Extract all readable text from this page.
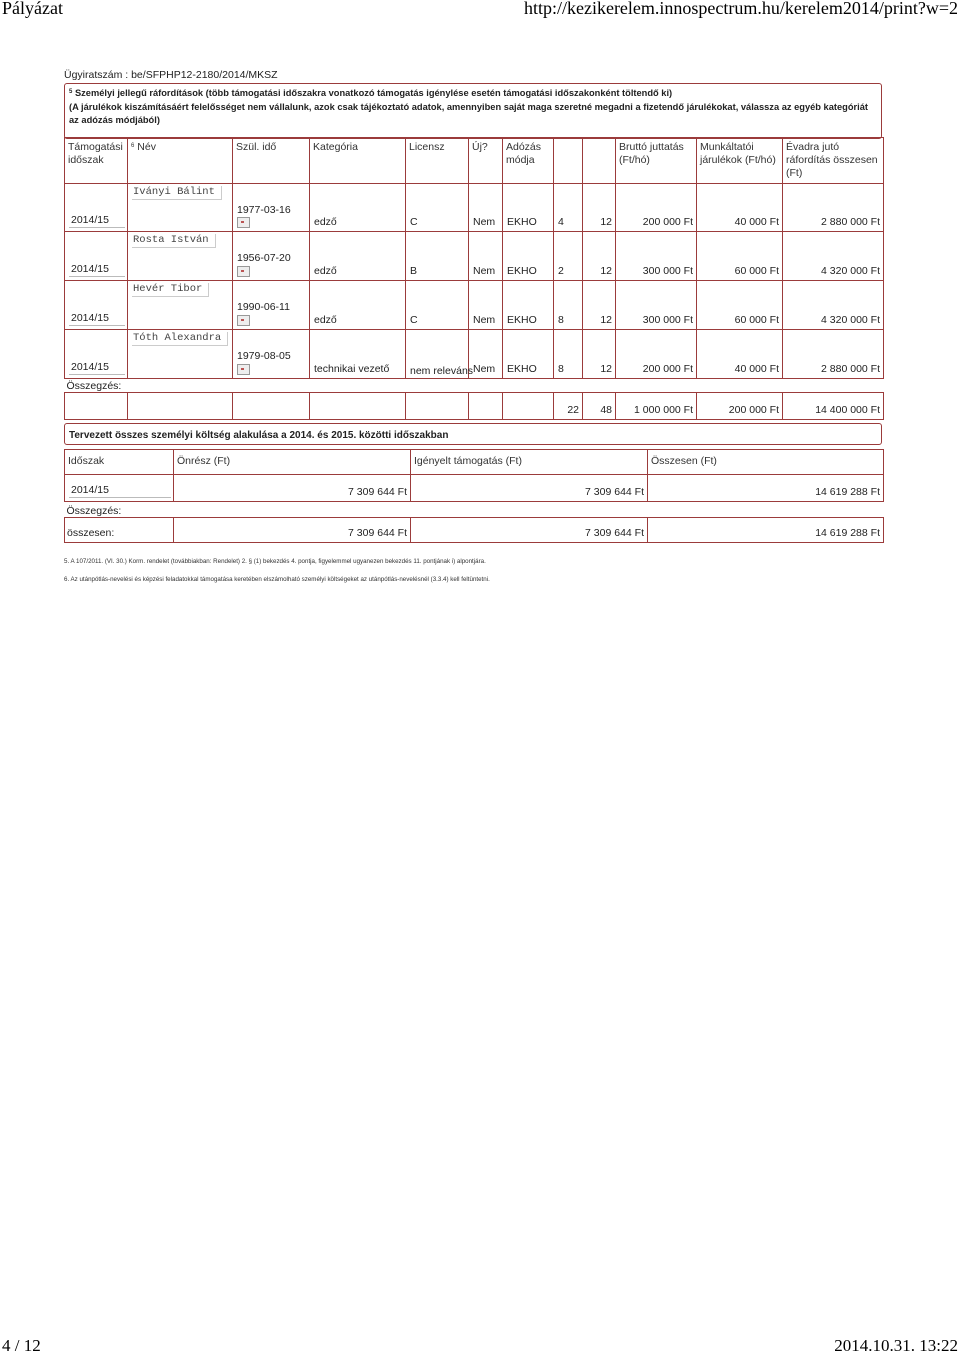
Pályázat	http://kezikerelem.innospectrum.hu/kerelem2014/print?w=2
Ügyiratszám : be/SFPHP12-2180/2014/MKSZ
$^5$ Személyi jellegű ráfordítások (több támogatási időszakra vonatkozó támogatás igénylése esetén támogatási időszakonként töltendő ki)
(A járulékok kiszámításáért felelősséget nem vállalunk, azok csak tájékoztató adatok, amennyiben saját maga szeretné megadni a fizetendő járulékokat, válassza az egyéb kategóriát az adózás módjából)
Támogatási időszak	$^6$ Név	Szül. idő	Kategória	Licensz	Új?	Adózás módja			Bruttó juttatás (Ft/hó)	Munkáltatói járulékok (Ft/hó)	Évadra jutó ráfordítás összesen (Ft)

2014/15	Iványi Bálint	1977-03-16	edző	C	Nem	EKHO	4	12	200 000 Ft	40 000 Ft	2 880 000 Ft

2014/15	Rosta István	1956-07-20	edző	B	Nem	EKHO	2	12	300 000 Ft	60 000 Ft	4 320 000 Ft

2014/15	Hevér Tibor	1990-06-11	edző	C	Nem	EKHO	8	12	300 000 Ft	60 000 Ft	4 320 000 Ft

2014/15	Tóth Alexandra	1979-08-05	technikai vezető	nem releváns	Nem	EKHO	8	12	200 000 Ft	40 000 Ft	2 880 000 Ft

Összegzés:											

							22	48	1 000 000 Ft	200 000 Ft	14 400 000 Ft
Tervezett összes személyi költség alakulása a 2014. és 2015. közötti időszakban
Időszak	Önrész (Ft)	Igényelt támogatás (Ft)	Összesen (Ft)

2014/15	7 309 644 Ft	7 309 644 Ft	14 619 288 Ft

Összegzés:			

összesen:	7 309 644 Ft	7 309 644 Ft	14 619 288 Ft
5. A 107/2011. (VI. 30.) Korm. rendelet (továbbiakban: Rendelet) 2. § (1) bekezdés 4. pontja, figyelemmel ugyanezen bekezdés 11. pontjának i) alpontjára.
6. Az utánpótlás-nevelési és képzési feladatokkal támogatása keretében elszámolható személyi költségeket az utánpótlás-nevelésnél (3.3.4) kell feltüntetni.
4 / 12	2014.10.31. 13:22
